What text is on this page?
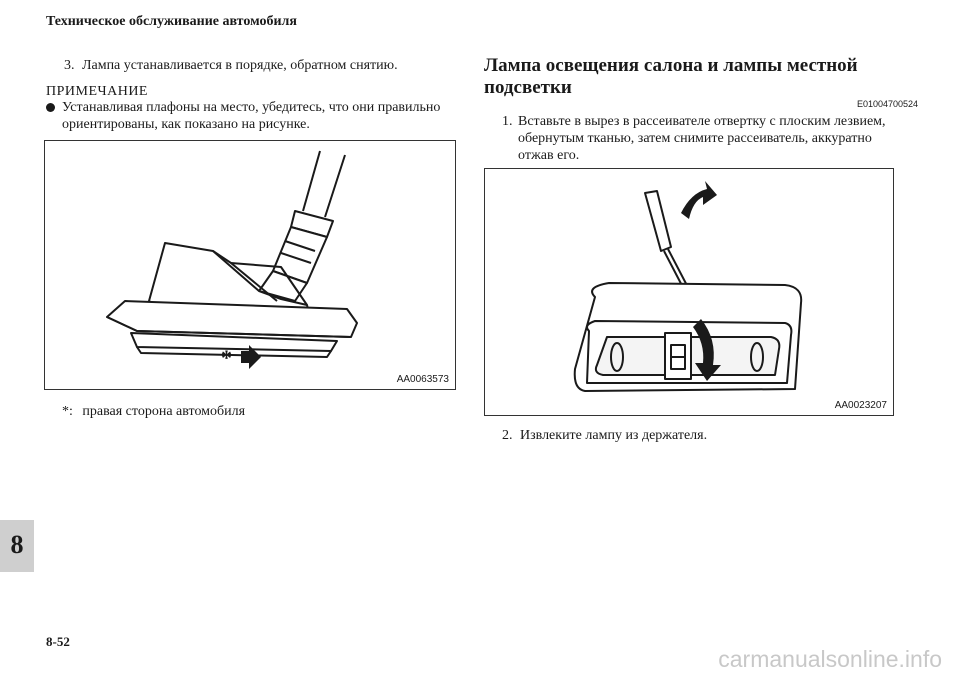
Техническое обслуживание автомобиля
3. Лампа устанавливается в порядке, обратном снятию.
ПРИМЕЧАНИЕ
Устанавливая плафоны на место, убедитесь, что они правильно ориентированы, как показано на рисунке.
*
AA0063573
*: правая сторона автомобиля
Лампа освещения салона и лампы местной подсветки
E01004700524
1. Вставьте в вырез в рассеивателе отвертку с плоским лезвием, обернутым тканью, затем снимите рассеиватель, аккуратно отжав его.
AA0023207
2. Извлеките лампу из держателя.
8
8-52
carmanualsonline.info
